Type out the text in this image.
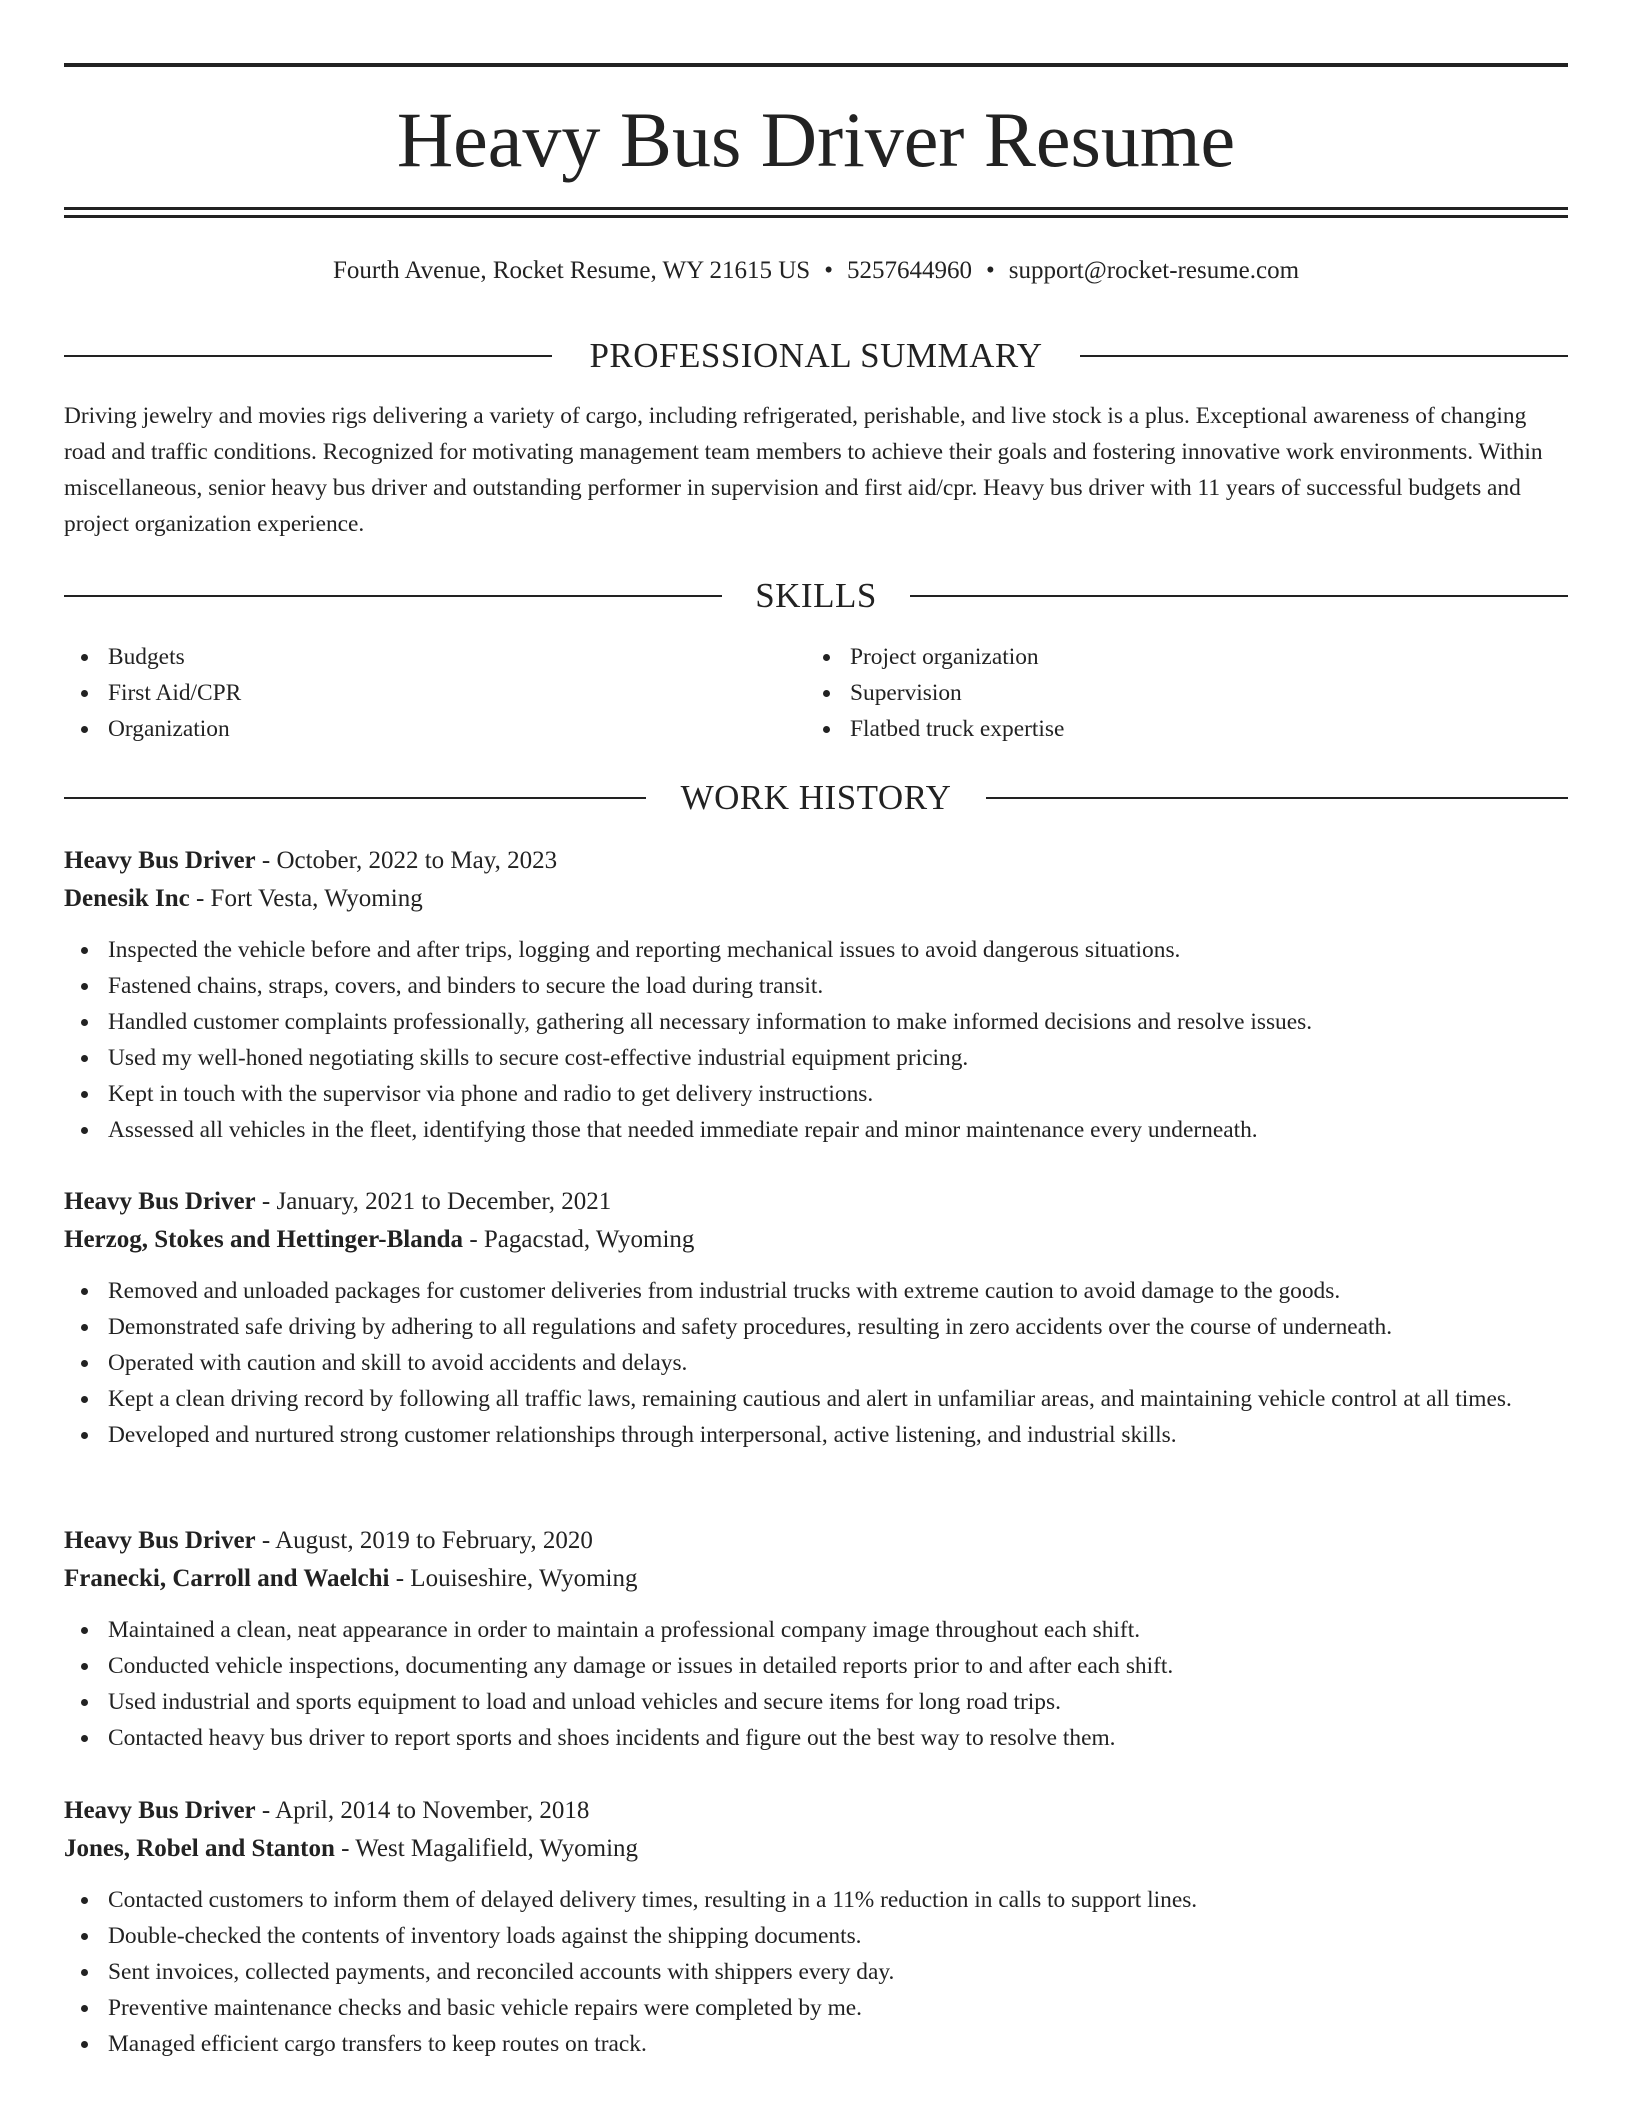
Heavy Bus Driver Resume
Fourth Avenue, Rocket Resume, WY 21615 US • 5257644960 • support@rocket-resume.com
PROFESSIONAL SUMMARY

Driving jewelry and movies rigs delivering a variety of cargo, including refrigerated, perishable, and live stock is a plus. Exceptional awareness of changing road and traffic conditions. Recognized for motivating management team members to achieve their goals and fostering innovative work environments. Within miscellaneous, senior heavy bus driver and outstanding performer in supervision and first aid/cpr. Heavy bus driver with 11 years of successful budgets and project organization experience.

SKILLS
Budgets
First Aid/CPR
Organization
Project organization
Supervision
Flatbed truck expertise
WORK HISTORY
Heavy Bus Driver - October, 2022 to May, 2023
Denesik Inc - Fort Vesta, Wyoming
Inspected the vehicle before and after trips, logging and reporting mechanical issues to avoid dangerous situations.
Fastened chains, straps, covers, and binders to secure the load during transit.
Handled customer complaints professionally, gathering all necessary information to make informed decisions and resolve issues.
Used my well-honed negotiating skills to secure cost-effective industrial equipment pricing.
Kept in touch with the supervisor via phone and radio to get delivery instructions.
Assessed all vehicles in the fleet, identifying those that needed immediate repair and minor maintenance every underneath.
Heavy Bus Driver - January, 2021 to December, 2021
Herzog, Stokes and Hettinger-Blanda - Pagacstad, Wyoming
Removed and unloaded packages for customer deliveries from industrial trucks with extreme caution to avoid damage to the goods.
Demonstrated safe driving by adhering to all regulations and safety procedures, resulting in zero accidents over the course of underneath.
Operated with caution and skill to avoid accidents and delays.
Kept a clean driving record by following all traffic laws, remaining cautious and alert in unfamiliar areas, and maintaining vehicle control at all times.
Developed and nurtured strong customer relationships through interpersonal, active listening, and industrial skills.
Heavy Bus Driver - August, 2019 to February, 2020
Franecki, Carroll and Waelchi - Louiseshire, Wyoming
Maintained a clean, neat appearance in order to maintain a professional company image throughout each shift.
Conducted vehicle inspections, documenting any damage or issues in detailed reports prior to and after each shift.
Used industrial and sports equipment to load and unload vehicles and secure items for long road trips.
Contacted heavy bus driver to report sports and shoes incidents and figure out the best way to resolve them.
Heavy Bus Driver - April, 2014 to November, 2018
Jones, Robel and Stanton - West Magalifield, Wyoming
Contacted customers to inform them of delayed delivery times, resulting in a 11% reduction in calls to support lines.
Double-checked the contents of inventory loads against the shipping documents.
Sent invoices, collected payments, and reconciled accounts with shippers every day.
Preventive maintenance checks and basic vehicle repairs were completed by me.
Managed efficient cargo transfers to keep routes on track.
